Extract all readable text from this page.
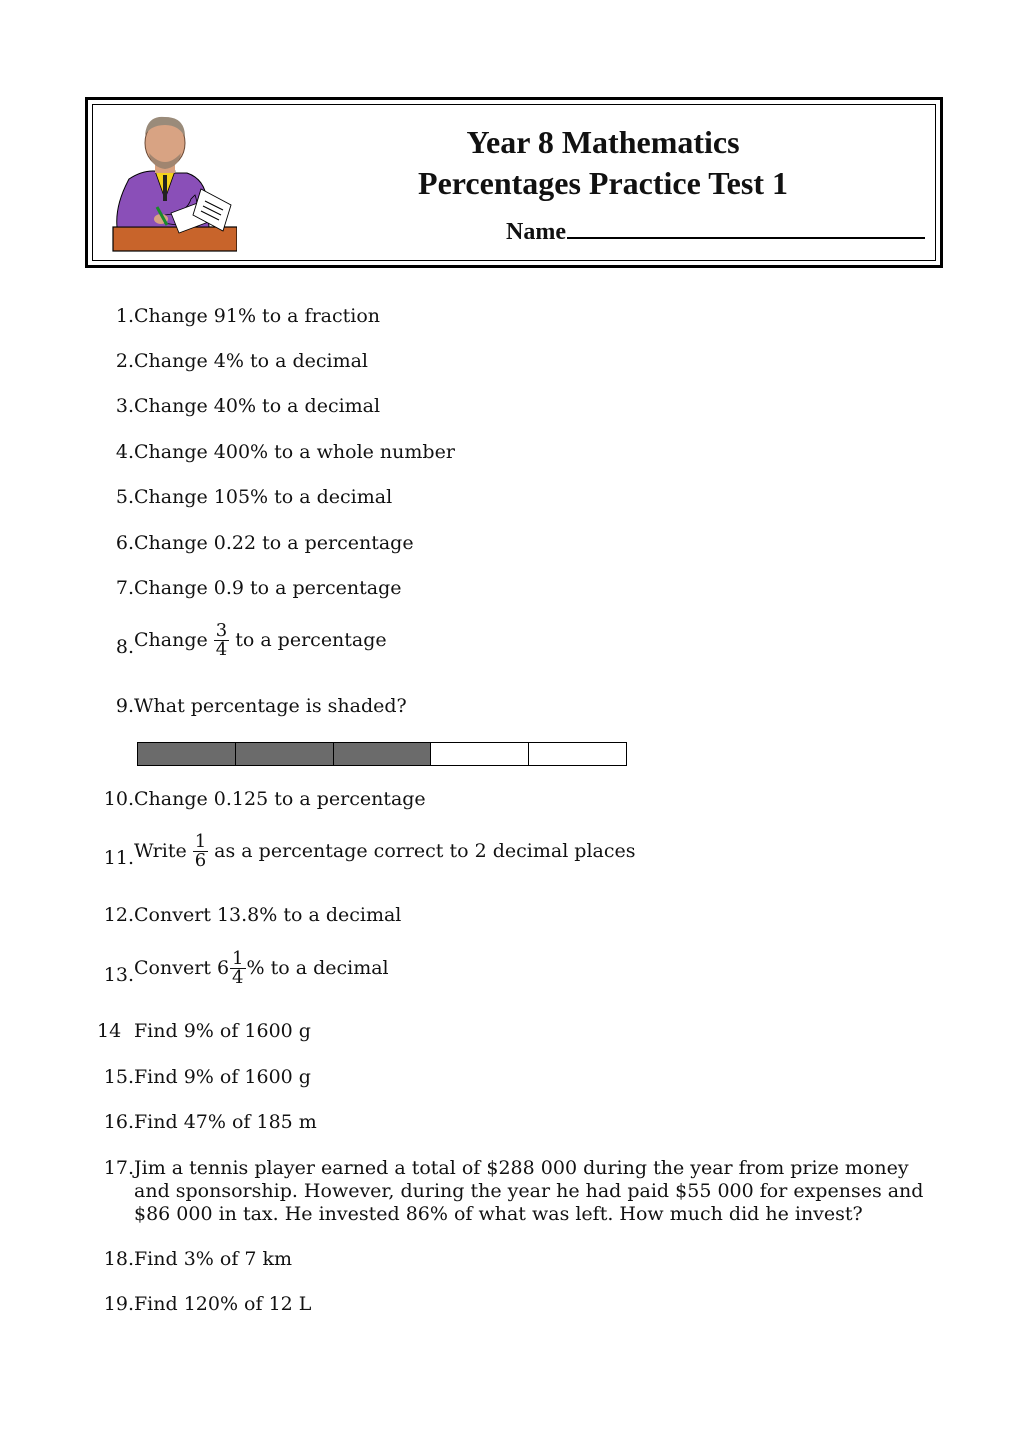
Year 8 Mathematics
Percentages Practice Test 1
Name
1. Change 91% to a fraction
2. Change 4% to a decimal
3. Change 40% to a decimal
4. Change 400% to a whole number
5. Change 105% to a decimal
6. Change 0.22 to a percentage
7. Change 0.9 to a percentage
8. Change $\frac{3}{4}$ to a percentage
9. What percentage is shaded?
10. Change 0.125 to a percentage
11. Write $\frac{1}{6}$ as a percentage correct to 2 decimal places
12. Convert 13.8% to a decimal
13. Convert $6 \frac{1}{4}$ % to a decimal
14 Find 9% of 1600 g
15. Find 9% of 1600 g
16. Find 47% of 185 m
17. Jim a tennis player earned a total of $288 000 during the year from prize money and sponsorship. However, during the year he had paid $55 000 for expenses and $86 000 in tax. He invested 86% of what was left. How much did he invest?
18. Find 3% of 7 km
19. Find 120% of 12 L
